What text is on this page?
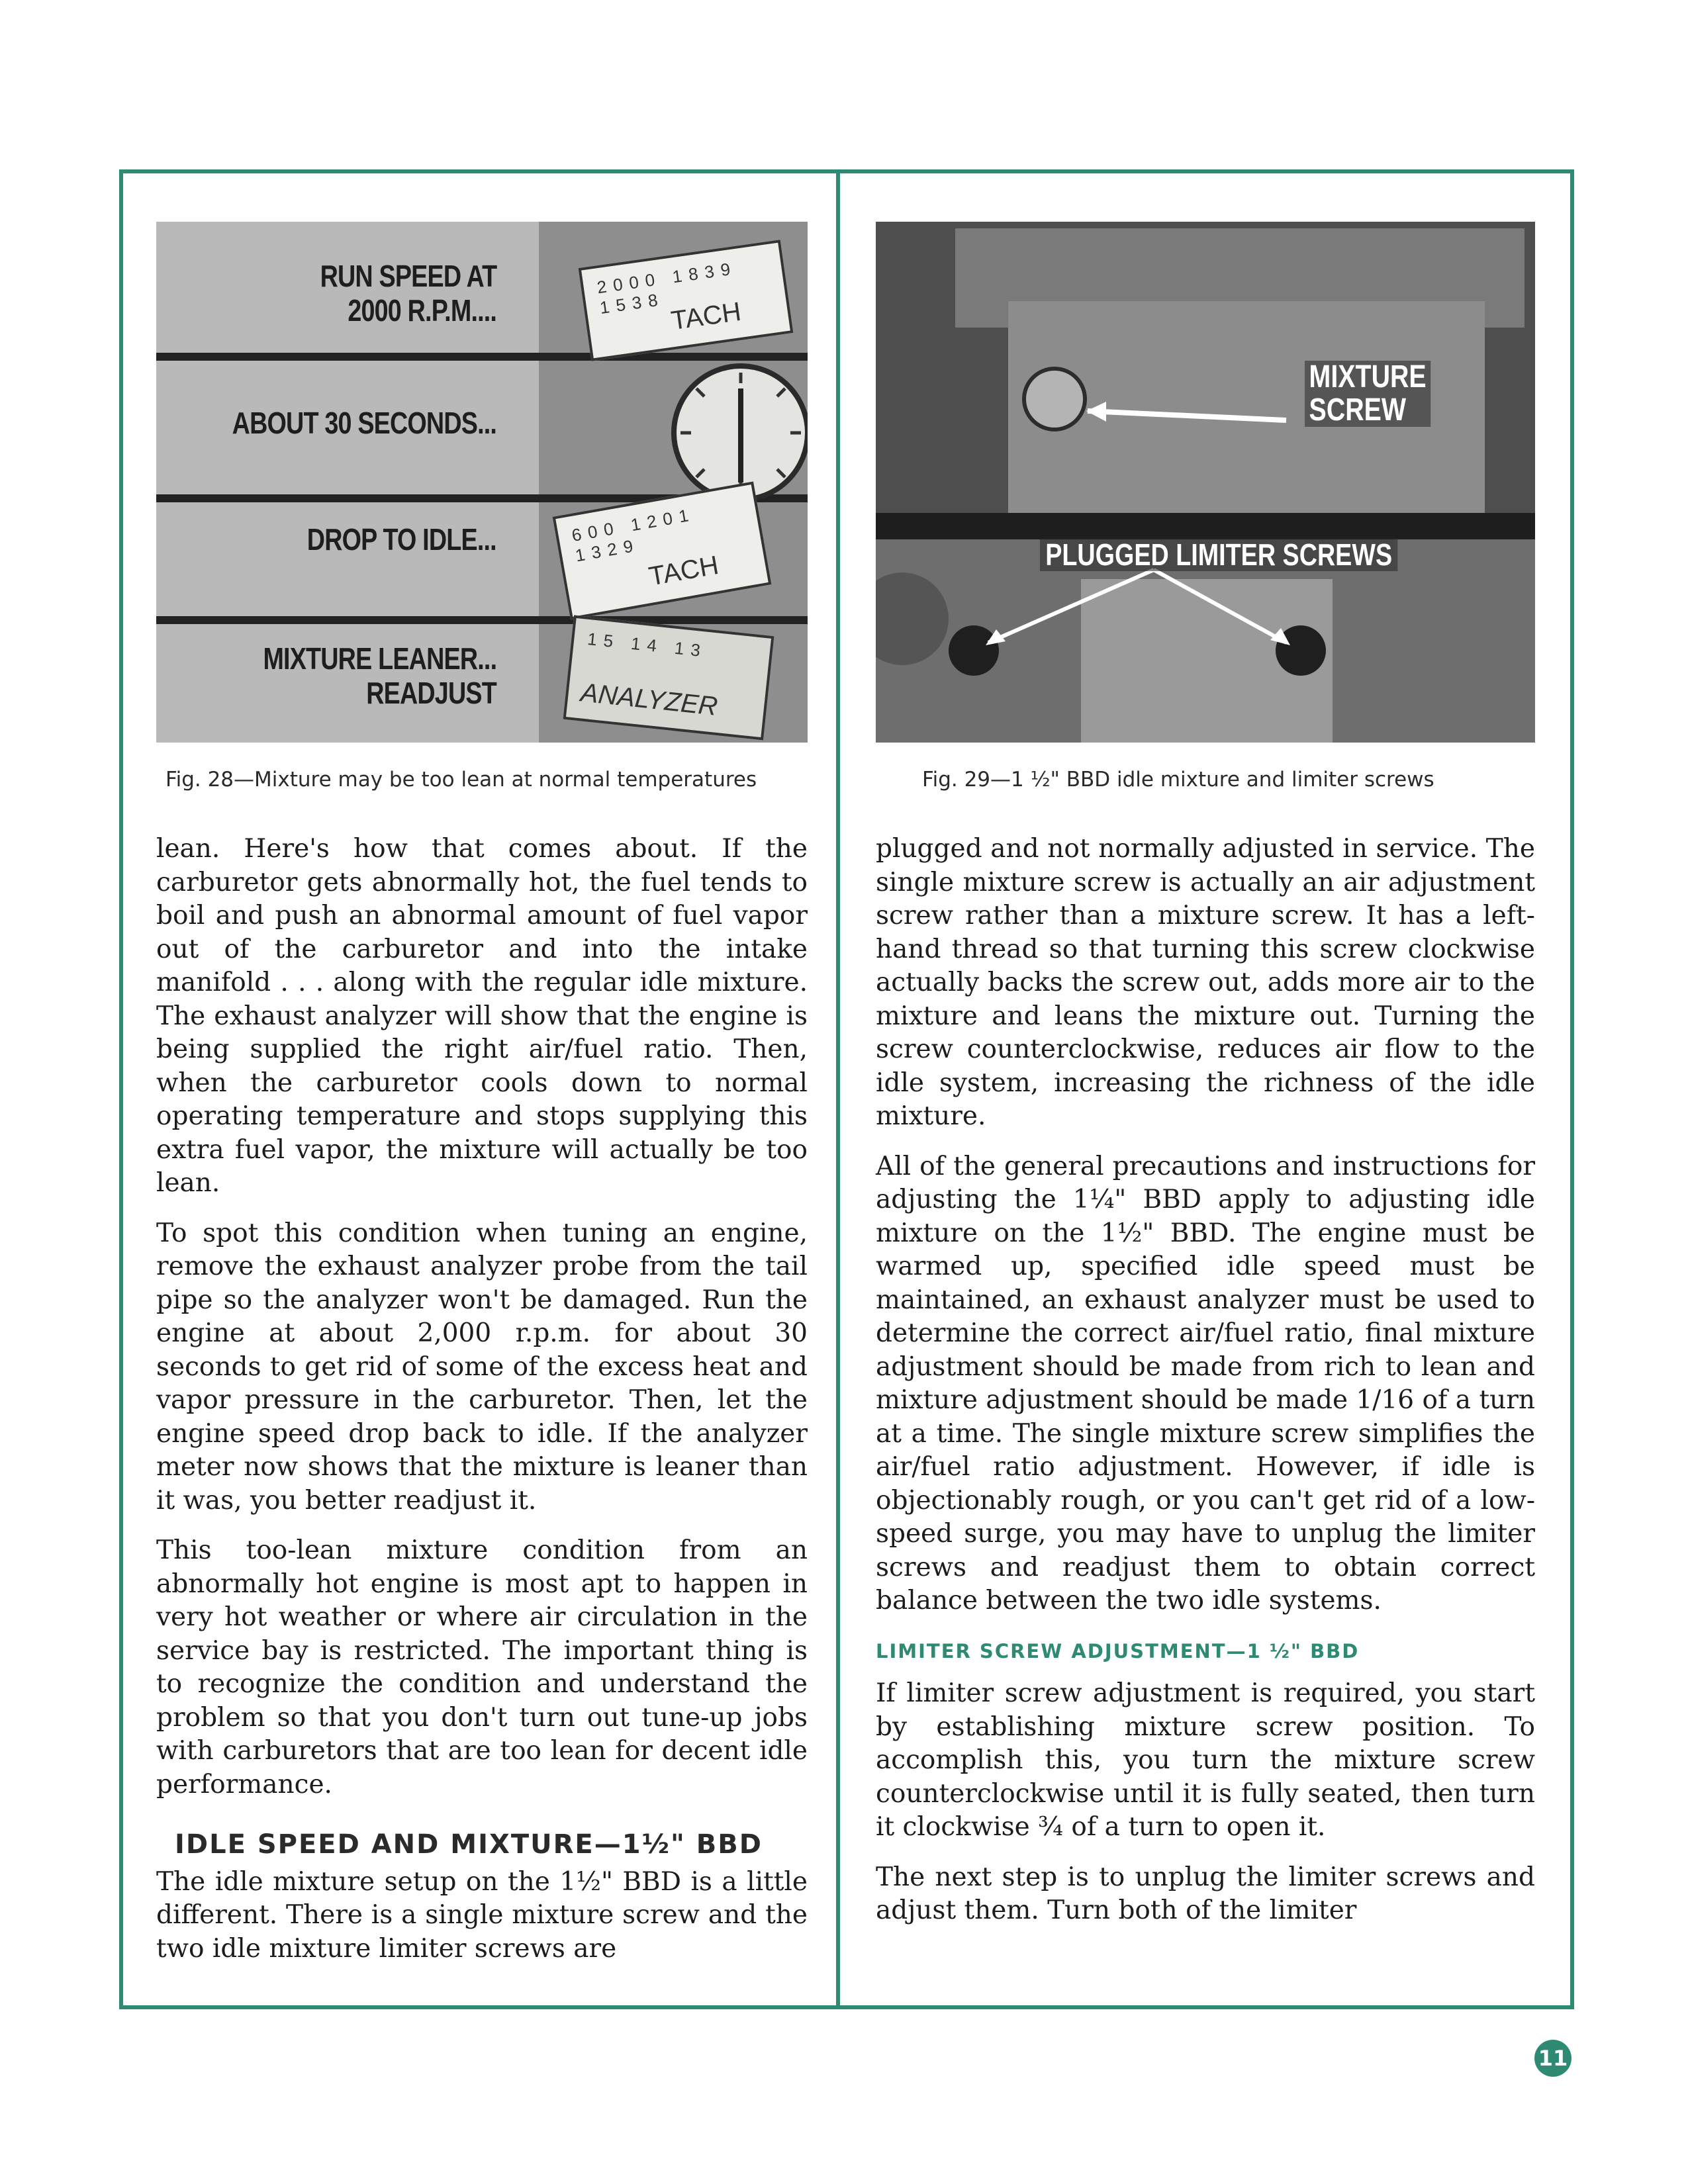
RUN SPEED AT
2000 R.P.M....
ABOUT 30 SECONDS...
DROP TO IDLE...
MIXTURE LEANER...
READJUST
2000 1839 1538 TACH
600 1201 1329
TACH
15 14 13
ANALYZER
MIXTURE
SCREW
PLUGGED LIMITER SCREWS
Fig. 28—Mixture may be too lean at normal temperatures	Fig. 29—1 ½" BBD idle mixture and limiter screws

lean. Here's how that comes about. If the carburetor gets abnormally hot, the fuel tends to boil and push an abnormal amount of fuel vapor out of the carburetor and into the intake manifold . . . along with the regular idle mixture. The exhaust analyzer will show that the engine is being supplied the right air/fuel ratio. Then, when the carburetor cools down to normal operating temperature and stops supplying this extra fuel vapor, the mixture will actually be too lean.

To spot this condition when tuning an engine, remove the exhaust analyzer probe from the tail pipe so the analyzer won't be damaged. Run the engine at about 2,000 r.p.m. for about 30 seconds to get rid of some of the excess heat and vapor pressure in the carburetor. Then, let the engine speed drop back to idle. If the analyzer meter now shows that the mixture is leaner than it was, you better readjust it.

This too-lean mixture condition from an abnormally hot engine is most apt to happen in very hot weather or where air circulation in the service bay is restricted. The important thing is to recognize the condition and understand the problem so that you don't turn out tune-up jobs with carburetors that are too lean for decent idle performance.

IDLE SPEED AND MIXTURE—1½" BBD

The idle mixture setup on the 1½" BBD is a little different. There is a single mixture screw and the two idle mixture limiter screws are

plugged and not normally adjusted in service. The single mixture screw is actually an air adjustment screw rather than a mixture screw. It has a left-hand thread so that turning this screw clockwise actually backs the screw out, adds more air to the mixture and leans the mixture out. Turning the screw counterclockwise, reduces air flow to the idle system, increasing the richness of the idle mixture.

All of the general precautions and instructions for adjusting the 1¼" BBD apply to adjusting idle mixture on the 1½" BBD. The engine must be warmed up, specified idle speed must be maintained, an exhaust analyzer must be used to determine the correct air/fuel ratio, final mixture adjustment should be made from rich to lean and mixture adjustment should be made 1/16 of a turn at a time. The single mixture screw simplifies the air/fuel ratio adjustment. However, if idle is objectionably rough, or you can't get rid of a low-speed surge, you may have to unplug the limiter screws and readjust them to obtain correct balance between the two idle systems.

LIMITER SCREW ADJUSTMENT—1 ½" BBD

If limiter screw adjustment is required, you start by establishing mixture screw position. To accomplish this, you turn the mixture screw counterclockwise until it is fully seated, then turn it clockwise ¾ of a turn to open it.

The next step is to unplug the limiter screws and adjust them. Turn both of the limiter

11
